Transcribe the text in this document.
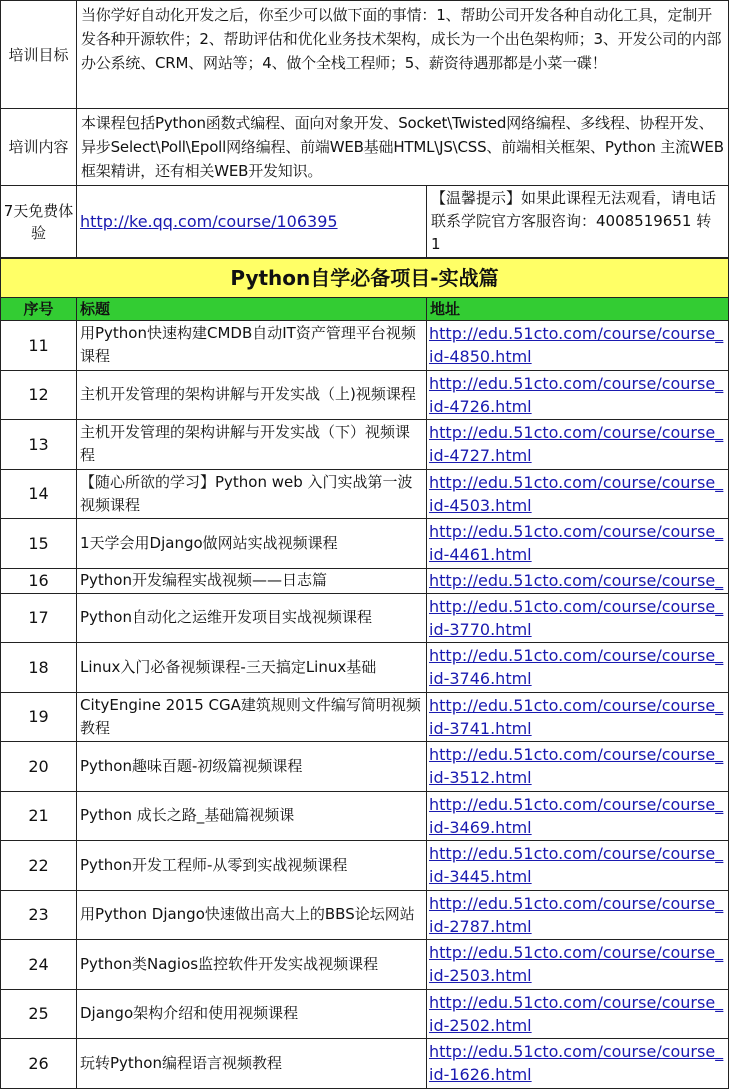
培训目标	当你学好自动化开发之后，你至少可以做下面的事情：1、帮助公司开发各种自动化工具，定制开发各种开源软件；2、帮助评估和优化业务技术架构，成长为一个出色架构师；3、开发公司的内部办公系统、CRM、网站等；4、做个全栈工程师；5、薪资待遇那都是小菜一碟！	
培训内容	本课程包括Python函数式编程、面向对象开发、Socket\Twisted网络编程、多线程、协程开发、异步Select\Poll\Epoll网络编程、前端WEB基础HTML\JS\CSS、前端相关框架、Python 主流WEB框架精讲，还有相关WEB开发知识。	
7天免费体验	http://ke.qq.com/course/106395	【温馨提示】如果此课程无法观看，请电话联系学院官方客服咨询：4008519651 转 1
Python自学必备项目-实战篇		
序号	标题	地址
11	用Python快速构建CMDB自动IT资产管理平台视频课程	http://edu.51cto.com/course/course_id-4850.html
12	主机开发管理的架构讲解与开发实战（上)视频课程	http://edu.51cto.com/course/course_id-4726.html
13	主机开发管理的架构讲解与开发实战（下）视频课程	http://edu.51cto.com/course/course_id-4727.html
14	【随心所欲的学习】Python web 入门实战第一波视频课程	http://edu.51cto.com/course/course_id-4503.html
15	1天学会用Django做网站实战视频课程	http://edu.51cto.com/course/course_id-4461.html
16	Python开发编程实战视频——日志篇	http://edu.51cto.com/course/course_
17	Python自动化之运维开发项目实战视频课程	http://edu.51cto.com/course/course_id-3770.html
18	Linux入门必备视频课程-三天搞定Linux基础	http://edu.51cto.com/course/course_id-3746.html
19	CityEngine 2015 CGA建筑规则文件编写简明视频教程	http://edu.51cto.com/course/course_id-3741.html
20	Python趣味百题-初级篇视频课程	http://edu.51cto.com/course/course_id-3512.html
21	Python 成长之路_基础篇视频课	http://edu.51cto.com/course/course_id-3469.html
22	Python开发工程师-从零到实战视频课程	http://edu.51cto.com/course/course_id-3445.html
23	用Python Django快速做出高大上的BBS论坛网站	http://edu.51cto.com/course/course_id-2787.html
24	Python类Nagios监控软件开发实战视频课程	http://edu.51cto.com/course/course_id-2503.html
25	Django架构介绍和使用视频课程	http://edu.51cto.com/course/course_id-2502.html
26	玩转Python编程语言视频教程	http://edu.51cto.com/course/course_id-1626.html
